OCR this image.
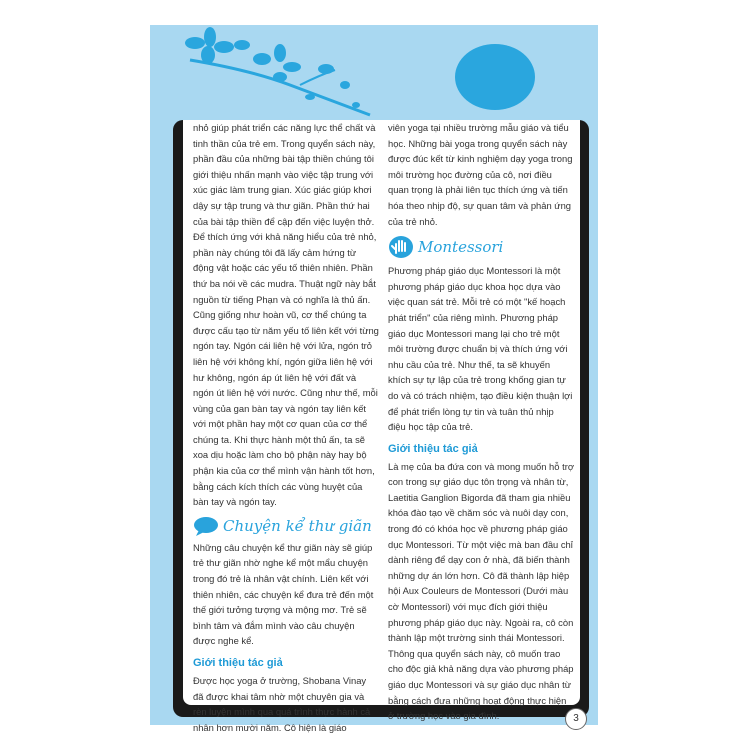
nhỏ giúp phát triển các năng lực thể chất và tinh thần của trẻ em. Trong quyển sách này, phần đầu của những bài tập thiền chúng tôi giới thiệu nhấn mạnh vào việc tập trung với xúc giác làm trung gian. Xúc giác giúp khơi dậy sự tập trung và thư giãn. Phần thứ hai của bài tập thiền để cập đến việc luyện thở. Để thích ứng với khả năng hiểu của trẻ nhỏ, phần này chúng tôi đã lấy cảm hứng từ động vật hoặc các yếu tố thiên nhiên. Phần thứ ba nói về các mudra. Thuật ngữ này bắt nguồn từ tiếng Phạn và có nghĩa là thủ ấn. Cũng giống như hoàn vũ, cơ thể chúng ta được cấu tạo từ năm yếu tố liên kết với từng ngón tay. Ngón cái liên hệ với lửa, ngón trỏ liên hệ với không khí, ngón giữa liên hệ với hư không, ngón áp út liên hệ với đất và ngón út liên hệ với nước. Cũng như thế, mỗi vùng của gan bàn tay và ngón tay liên kết với một phần hay một cơ quan của cơ thể chúng ta. Khi thực hành một thủ ấn, ta sẽ xoa dịu hoặc làm cho bộ phận này hay bộ phận kia của cơ thể mình vận hành tốt hơn, bằng cách kích thích các vùng huyệt của bàn tay và ngón tay.

Chuyện kể thư giãn

Những câu chuyện kể thư giãn này sẽ giúp trẻ thư giãn nhờ nghe kể một mẩu chuyện trong đó trẻ là nhân vật chính. Liên kết với thiên nhiên, các chuyện kể đưa trẻ đến một thế giới tưởng tượng và mộng mơ. Trẻ sẽ bình tâm và đắm mình vào câu chuyện được nghe kể.

Giới thiệu tác giả

Được học yoga ở trường, Shobana Vinay đã được khai tâm nhờ một chuyên gia và rèn luyện mình qua quá trình thực hành cả nhân hơn mười năm. Cô hiện là giáo

viên yoga tại nhiều trường mẫu giáo và tiểu học. Những bài yoga trong quyển sách này được đúc kết từ kinh nghiệm dạy yoga trong môi trường học đường của cô, nơi điều quan trọng là phải liên tục thích ứng và tiến hóa theo nhịp độ, sự quan tâm và phản ứng của trẻ nhỏ.

Montessori

Phương pháp giáo dục Montessori là một phương pháp giáo dục khoa học dựa vào việc quan sát trẻ. Mỗi trẻ có một "kế hoạch phát triển" của riêng mình. Phương pháp giáo dục Montessori mang lại cho trẻ một môi trường được chuẩn bị và thích ứng với nhu cầu của trẻ. Như thế, ta sẽ khuyến khích sự tự lập của trẻ trong khống gian tự do và có trách nhiệm, tạo điều kiện thuận lợi để phát triển lòng tự tin và tuân thủ nhịp điệu học tập của trẻ.

Giới thiệu tác giả

Là mẹ của ba đứa con và mong muốn hỗ trợ con trong sự giáo dục tôn trọng và nhân từ, Laetitia Ganglion Bigorda đã tham gia nhiều khóa đào tạo về chăm sóc và nuôi dạy con, trong đó có khóa học về phương pháp giáo dục Montessori. Từ một việc mà ban đầu chỉ dành riêng để dạy con ở nhà, đã biến thành những dự án lớn hơn. Cô đã thành lập hiệp hội Aux Couleurs de Montessori (Dưới màu cờ Montessori) với mục đích giới thiệu phương pháp giáo dục này. Ngoài ra, cô còn thành lập một trường sinh thái Montessori. Thông qua quyển sách này, cô muốn trao cho độc giả khả năng dựa vào phương pháp giáo dục Montessori và sự giáo dục nhân từ bằng cách đưa những hoạt động thực hiện ở trường học vào gia đình.	3
